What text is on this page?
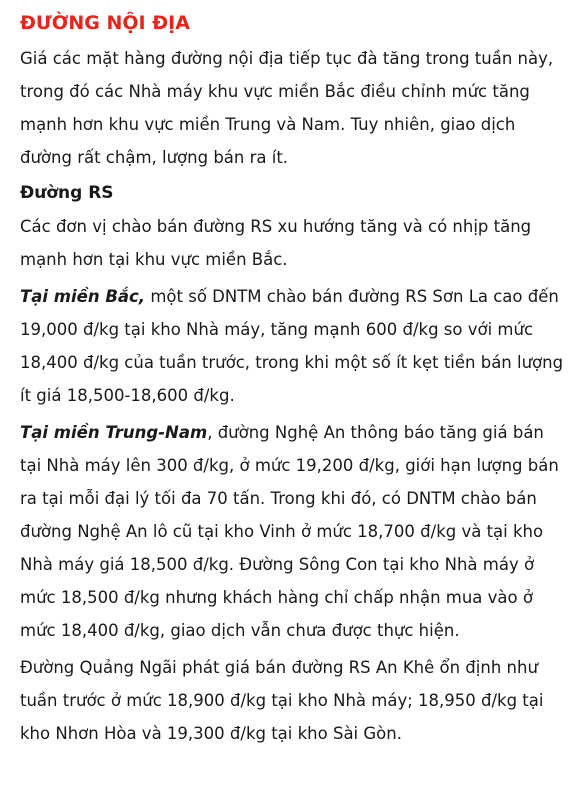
ĐƯỜNG NỘI ĐỊA

Giá các mặt hàng đường nội địa tiếp tục đà tăng trong tuần này, trong đó các Nhà máy khu vực miền Bắc điều chỉnh mức tăng mạnh hơn khu vực miền Trung và Nam. Tuy nhiên, giao dịch đường rất chậm, lượng bán ra ít.

Đường RS

Các đơn vị chào bán đường RS xu hướng tăng và có nhịp tăng mạnh hơn tại khu vực miền Bắc.

Tại miền Bắc, một số DNTM chào bán đường RS Sơn La cao đến 19,000 đ/kg tại kho Nhà máy, tăng mạnh 600 đ/kg so với mức 18,400 đ/kg của tuần trước, trong khi một số ít kẹt tiền bán lượng ít giá 18,500-18,600 đ/kg.

Tại miền Trung-Nam, đường Nghệ An thông báo tăng giá bán tại Nhà máy lên 300 đ/kg, ở mức 19,200 đ/kg, giới hạn lượng bán ra tại mỗi đại lý tối đa 70 tấn. Trong khi đó, có DNTM chào bán đường Nghệ An lô cũ tại kho Vinh ở mức 18,700 đ/kg và tại kho Nhà máy giá 18,500 đ/kg. Đường Sông Con tại kho Nhà máy ở mức 18,500 đ/kg nhưng khách hàng chỉ chấp nhận mua vào ở mức 18,400 đ/kg, giao dịch vẫn chưa được thực hiện.

Đường Quảng Ngãi phát giá bán đường RS An Khê ổn định như tuần trước ở mức 18,900 đ/kg tại kho Nhà máy; 18,950 đ/kg tại kho Nhơn Hòa và 19,300 đ/kg tại kho Sài Gòn.
